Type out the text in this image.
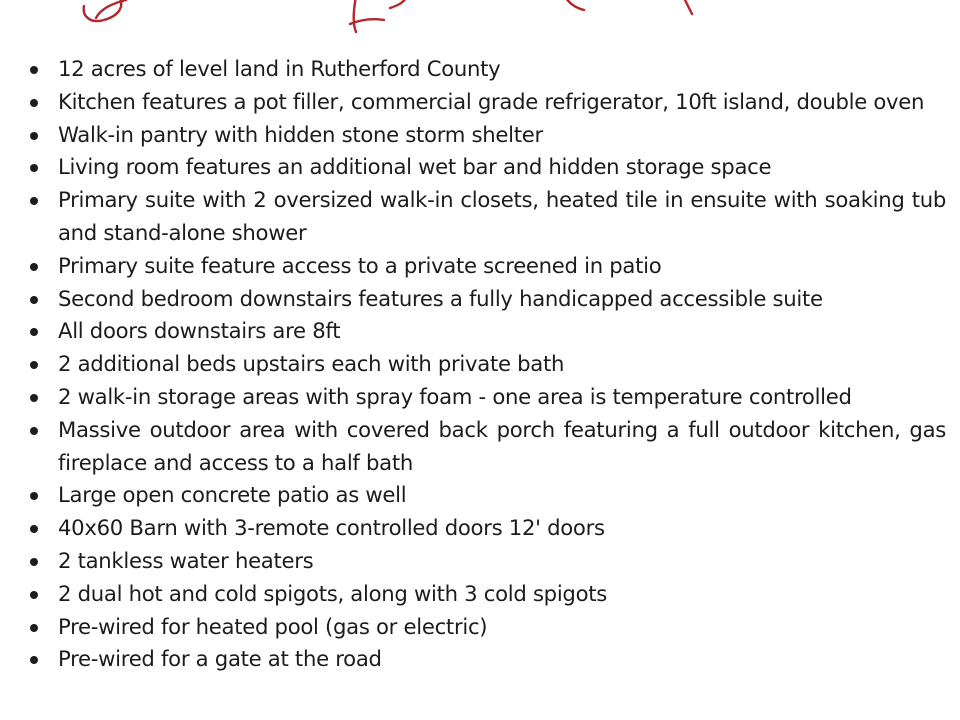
12 acres of level land in Rutherford County
Kitchen features a pot filler, commercial grade refrigerator, 10ft island, double oven
Walk-in pantry with hidden stone storm shelter
Living room features an additional wet bar and hidden storage space
Primary suite with 2 oversized walk-in closets, heated tile in ensuite with soaking tub and stand-alone shower
Primary suite feature access to a private screened in patio
Second bedroom downstairs features a fully handicapped accessible suite
All doors downstairs are 8ft
2 additional beds upstairs each with private bath
2 walk-in storage areas with spray foam - one area is temperature controlled
Massive outdoor area with covered back porch featuring a full outdoor kitchen, gas fireplace and access to a half bath
Large open concrete patio as well
40x60 Barn with 3-remote controlled doors 12' doors
2 tankless water heaters
2 dual hot and cold spigots, along with 3 cold spigots
Pre-wired for heated pool (gas or electric)
Pre-wired for a gate at the road
